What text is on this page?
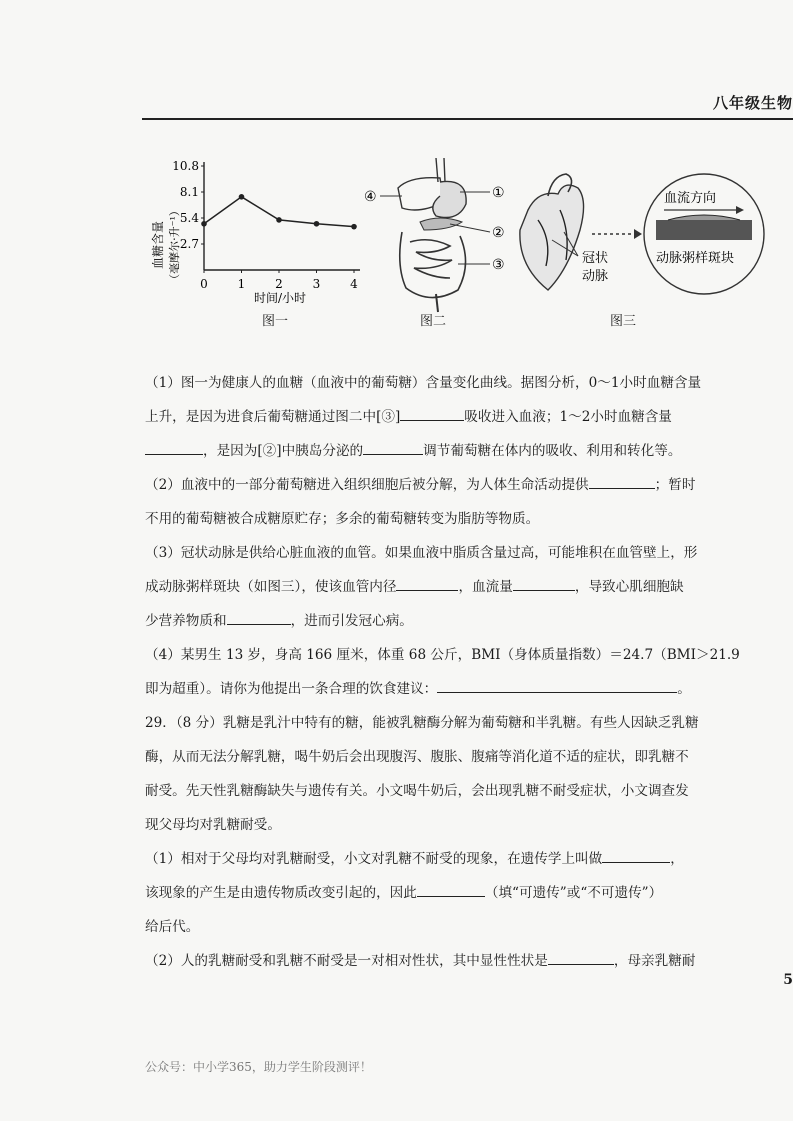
八年级生物
10.8
8.1
5.4
2.7
0 1 2 3 4
血糖含量 （毫摩尔·升⁻¹）
时间/小时
图一
④	①
②
③
图二
冠状
动脉
血流方向
动脉粥样斑块
图三

（1）图一为健康人的血糖（血液中的葡萄糖）含量变化曲线。据图分析，0～1小时血糖含量

上升，是因为进食后葡萄糖通过图二中[③]	吸收进入血液；1～2小时血糖含量

，是因为[②]中胰岛分泌的	调节葡萄糖在体内的吸收、利用和转化等。

（2）血液中的一部分葡萄糖进入组织细胞后被分解，为人体生命活动提供	；暂时

不用的葡萄糖被合成糖原贮存；多余的葡萄糖转变为脂肪等物质。

（3）冠状动脉是供给心脏血液的血管。如果血液中脂质含量过高，可能堆积在血管壁上，形

成动脉粥样斑块（如图三），使该血管内径	，血流量	，导致心肌细胞缺

少营养物质和	，进而引发冠心病。

（4）某男生 13 岁，身高 166 厘米，体重 68 公斤，BMI（身体质量指数）＝24.7（BMI＞21.9

即为超重）。请你为他提出一条合理的饮食建议：	。

29．（8 分）乳糖是乳汁中特有的糖，能被乳糖酶分解为葡萄糖和半乳糖。有些人因缺乏乳糖

酶，从而无法分解乳糖，喝牛奶后会出现腹泻、腹胀、腹痛等消化道不适的症状，即乳糖不

耐受。先天性乳糖酶缺失与遗传有关。小文喝牛奶后，会出现乳糖不耐受症状，小文调查发

现父母均对乳糖耐受。

（1）相对于父母均对乳糖耐受，小文对乳糖不耐受的现象，在遗传学上叫做	，

该现象的产生是由遗传物质改变引起的，因此	（填“可遗传”或“不可遗传”）

给后代。

（2）人的乳糖耐受和乳糖不耐受是一对相对性状，其中显性性状是	，母亲乳糖耐

5
公众号：中小学365，助力学生阶段测评！
